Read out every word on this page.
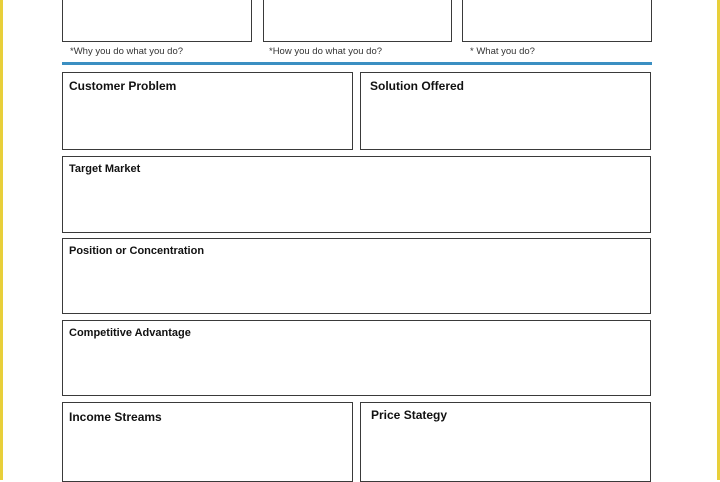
*Why you do what you do?	*How you do what you do?	* What you do?
Customer Problem	Solution Offered
Target Market
Position or Concentration
Competitive Advantage
Income Streams	Price Stategy
